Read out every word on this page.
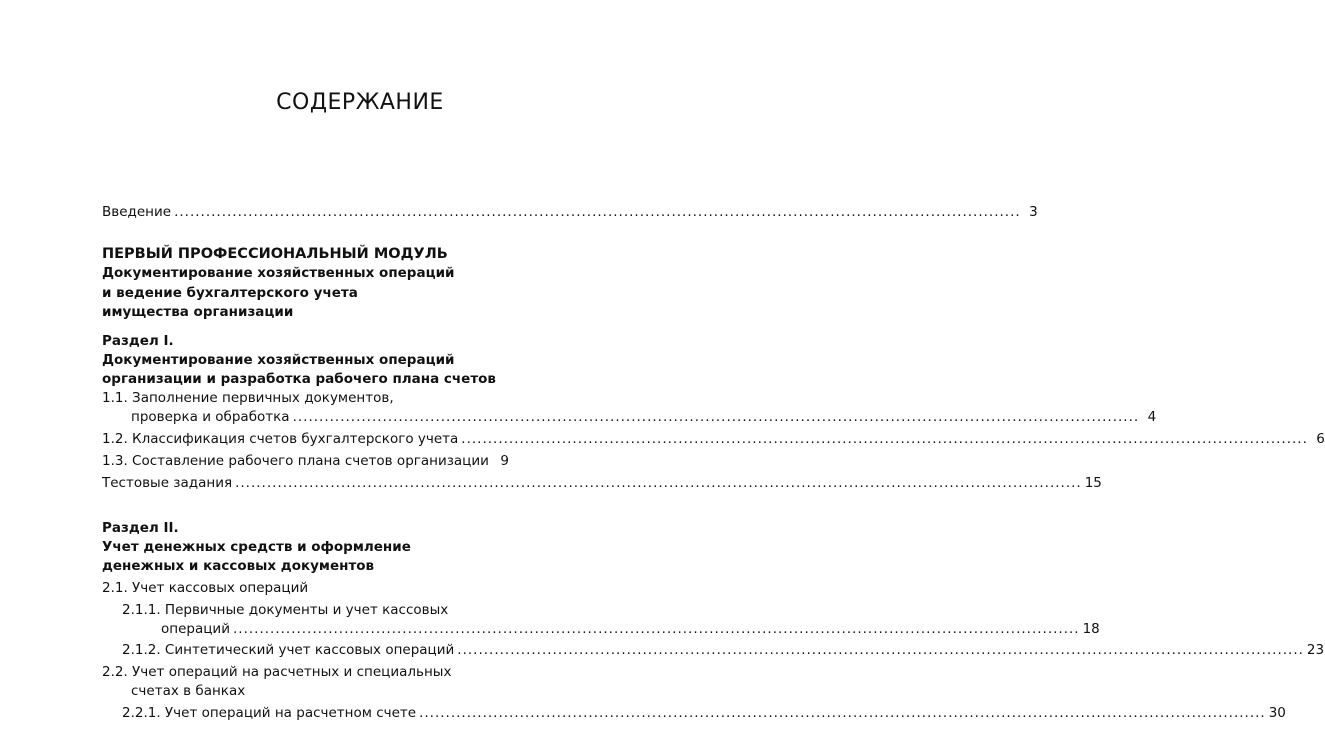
СОДЕРЖАНИЕ
Введение ................................................................................................................................................................ 3
ПЕРВЫЙ ПРОФЕССИОНАЛЬНЫЙ МОДУЛЬ
Документирование хозяйственных операций
и ведение бухгалтерского учета
имущества организации
Раздел I.
Документирование хозяйственных операций
организации и разработка рабочего плана счетов
1.1. Заполнение первичных документов,
проверка и обработка ................................................................................................................................................................ 4
1.2. Классификация счетов бухгалтерского учета ................................................................................................................................................................ 6
1.3. Составление рабочего плана счетов организации 9
Тестовые задания ................................................................................................................................................................ 15
Раздел II.
Учет денежных средств и оформление
денежных и кассовых документов
2.1. Учет кассовых операций
2.1.1. Первичные документы и учет кассовых
операций ................................................................................................................................................................ 18
2.1.2. Синтетический учет кассовых операций ................................................................................................................................................................ 23
2.2. Учет операций на расчетных и специальных
счетах в банках
2.2.1. Учет операций на расчетном счете ................................................................................................................................................................ 30
